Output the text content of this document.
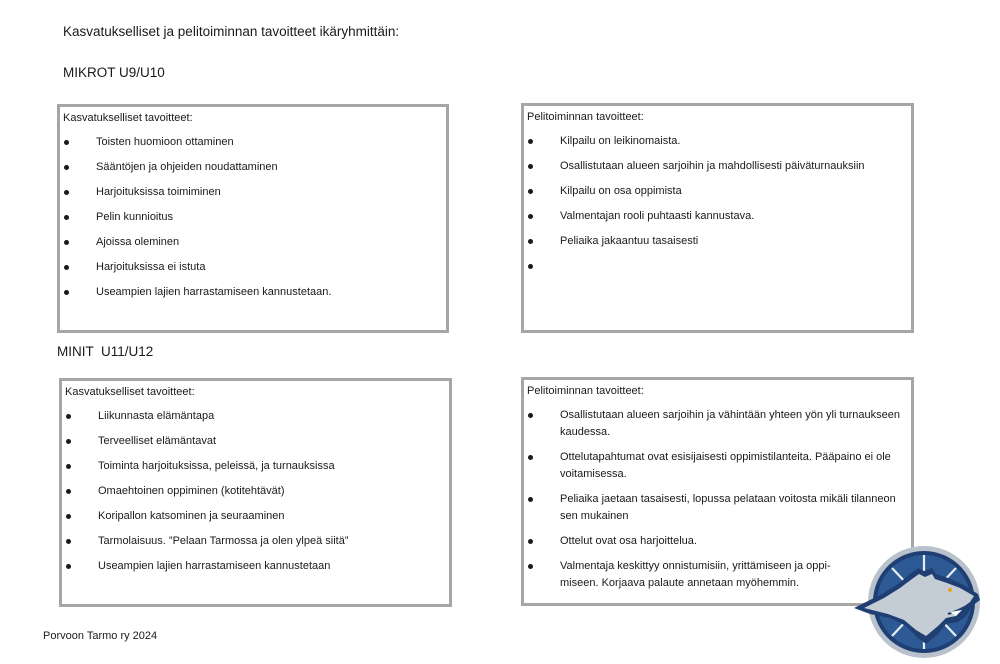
Kasvatukselliset ja pelitoiminnan tavoitteet ikäryhmittäin:
MIKROT U9/U10
Kasvatukselliset tavoitteet:
Toisten huomioon ottaminen
Sääntöjen ja ohjeiden noudattaminen
Harjoituksissa toimiminen
Pelin kunnioitus
Ajoissa oleminen
Harjoituksissa ei istuta
Useampien lajien harrastamiseen kannustetaan.
Pelitoiminnan tavoitteet:
Kilpailu on leikinomaista.
Osallistutaan alueen sarjoihin ja mahdollisesti päiväturnauksiin
Kilpailu on osa oppimista
Valmentajan rooli puhtaasti kannustava.
Peliaika jakaantuu tasaisesti
MINIT  U11/U12
Kasvatukselliset tavoitteet:
Liikunnasta elämäntapa
Terveelliset elämäntavat
Toiminta harjoituksissa, peleissä, ja turnauksissa
Omaehtoinen oppiminen (kotitehtävät)
Koripallon katsominen ja seuraaminen
Tarmolaisuus. ”Pelaan Tarmossa ja olen ylpeä siitä”
Useampien lajien harrastamiseen kannustetaan
Pelitoiminnan tavoitteet:
Osallistutaan alueen sarjoihin ja vähintään yhteen yön yli turnaukseen kaudessa.
Ottelutapahtumat ovat esisijaisesti oppimistilanteita. Pääpaino ei ole voitamisessa.
Peliaika jaetaan tasaisesti, lopussa pelataan voitosta mikäli tilanneon sen mukainen
Ottelut ovat osa harjoittelua.
Valmentaja keskittyy onnistumisiin, yrittämiseen ja oppi-miseen. Korjaava palaute annetaan myöhemmin.
Porvoon Tarmo ry 2024
